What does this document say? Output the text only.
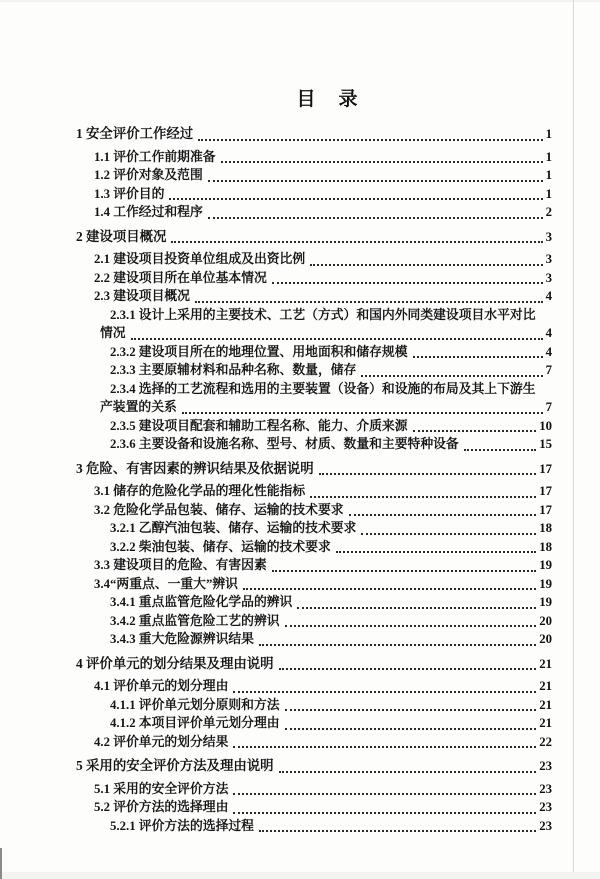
目　录
1 安全评价工作经过	1
1.1 评价工作前期准备	1
1.2 评价对象及范围	1
1.3 评价目的	1
1.4 工作经过和程序	2
2 建设项目概况	3
2.1 建设项目投资单位组成及出资比例	3
2.2 建设项目所在单位基本情况	3
2.3 建设项目概况	4
2.3.1 设计上采用的主要技术、工艺（方式）和国内外同类建设项目水平对比
情况	4
2.3.2 建设项目所在的地理位置、用地面积和储存规模	4
2.3.3 主要原辅材料和品种名称、数量，储存	7
2.3.4 选择的工艺流程和选用的主要装置（设备）和设施的布局及其上下游生
产装置的关系	7
2.3.5 建设项目配套和辅助工程名称、能力、介质来源	10
2.3.6 主要设备和设施名称、型号、材质、数量和主要特种设备	15
3 危险、有害因素的辨识结果及依据说明	17
3.1 储存的危险化学品的理化性能指标	17
3.2 危险化学品包装、储存、运输的技术要求	17
3.2.1 乙醇汽油包装、储存、运输的技术要求	18
3.2.2 柴油包装、储存、运输的技术要求	18
3.3 建设项目的危险、有害因素	19
3.4“两重点、一重大”辨识	19
3.4.1 重点监管危险化学品的辨识	19
3.4.2 重点监管危险工艺的辨识	20
3.4.3 重大危险源辨识结果	20
4 评价单元的划分结果及理由说明	21
4.1 评价单元的划分理由	21
4.1.1 评价单元划分原则和方法	21
4.1.2 本项目评价单元划分理由	21
4.2 评价单元的划分结果	22
5 采用的安全评价方法及理由说明	23
5.1 采用的安全评价方法	23
5.2 评价方法的选择理由	23
5.2.1 评价方法的选择过程	23
